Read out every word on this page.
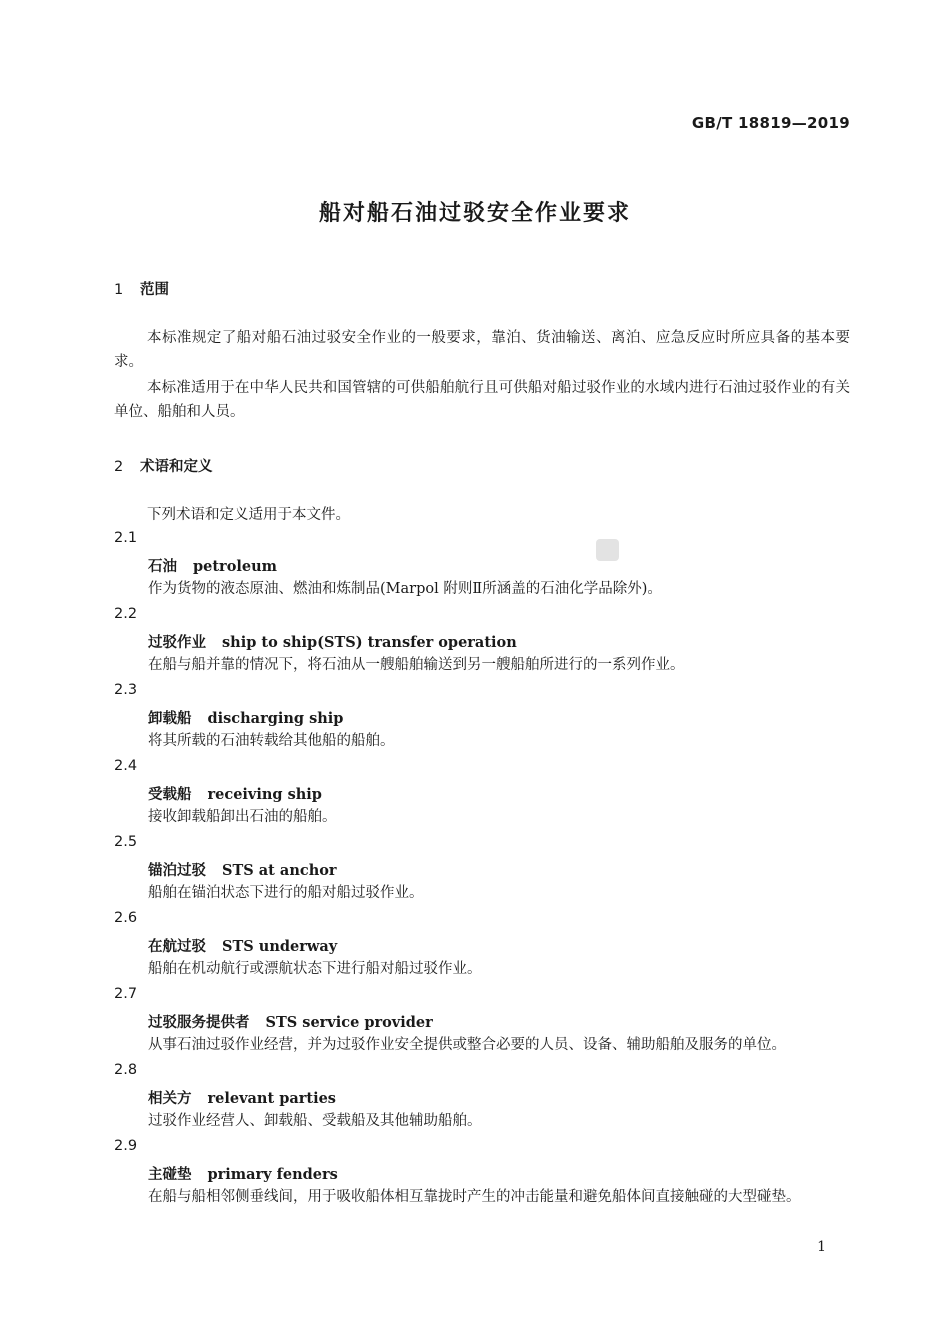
GB/T 18819—2019
船对船石油过驳安全作业要求
1 范围

本标准规定了船对船石油过驳安全作业的一般要求，靠泊、货油输送、离泊、应急反应时所应具备的基本要求。

本标准适用于在中华人民共和国管辖的可供船舶航行且可供船对船过驳作业的水域内进行石油过驳作业的有关单位、船舶和人员。

2 术语和定义

下列术语和定义适用于本文件。

2.1
石油 petroleum

作为货物的液态原油、燃油和炼制品(Marpol 附则Ⅱ所涵盖的石油化学品除外)。

2.2
过驳作业 ship to ship(STS) transfer operation

在船与船并靠的情况下，将石油从一艘船舶输送到另一艘船舶所进行的一系列作业。

2.3
卸载船 discharging ship

将其所载的石油转载给其他船的船舶。

2.4
受载船 receiving ship

接收卸载船卸出石油的船舶。

2.5
锚泊过驳 STS at anchor

船舶在锚泊状态下进行的船对船过驳作业。

2.6
在航过驳 STS underway

船舶在机动航行或漂航状态下进行船对船过驳作业。

2.7
过驳服务提供者 STS service provider

从事石油过驳作业经营，并为过驳作业安全提供或整合必要的人员、设备、辅助船舶及服务的单位。

2.8
相关方 relevant parties

过驳作业经营人、卸载船、受载船及其他辅助船舶。

2.9
主碰垫 primary fenders

在船与船相邻侧垂线间，用于吸收船体相互靠拢时产生的冲击能量和避免船体间直接触碰的大型碰垫。

1
